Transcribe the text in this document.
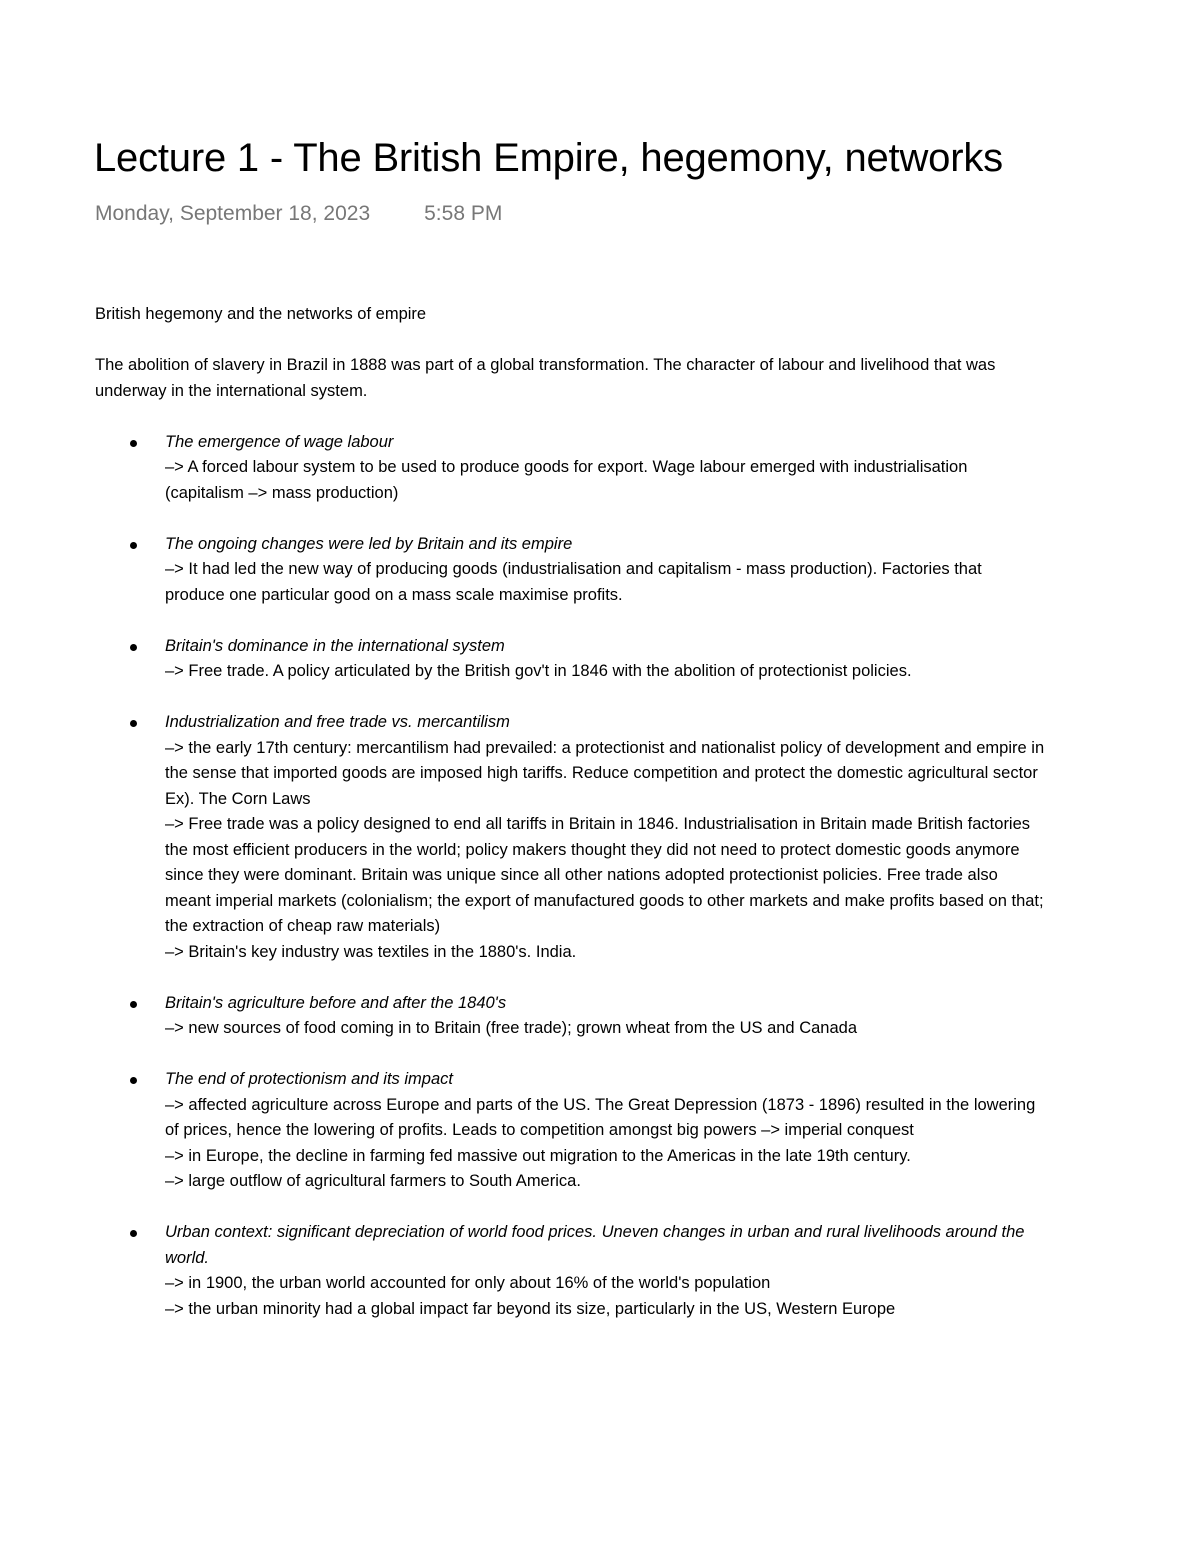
Lecture 1 - The British Empire, hegemony, networks
Monday, September 18, 2023	5:58 PM

British hegemony and the networks of empire

The abolition of slavery in Brazil in 1888 was part of a global transformation. The character of labour and livelihood that was underway in the international system.

The emergence of wage labour
–> A forced labour system to be used to produce goods for export. Wage labour emerged with industrialisation (capitalism –> mass production)
The ongoing changes were led by Britain and its empire
–> It had led the new way of producing goods (industrialisation and capitalism - mass production). Factories that produce one particular good on a mass scale maximise profits.
Britain's dominance in the international system
–> Free trade. A policy articulated by the British gov't in 1846 with the abolition of protectionist policies.
Industrialization and free trade vs. mercantilism
–> the early 17th century: mercantilism had prevailed: a protectionist and nationalist policy of development and empire in the sense that imported goods are imposed high tariffs. Reduce competition and protect the domestic agricultural sector
Ex). The Corn Laws
–> Free trade was a policy designed to end all tariffs in Britain in 1846. Industrialisation in Britain made British factories the most efficient producers in the world; policy makers thought they did not need to protect domestic goods anymore since they were dominant. Britain was unique since all other nations adopted protectionist policies. Free trade also meant imperial markets (colonialism; the export of manufactured goods to other markets and make profits based on that; the extraction of cheap raw materials)
–> Britain's key industry was textiles in the 1880's. India.
Britain's agriculture before and after the 1840's
–> new sources of food coming in to Britain (free trade); grown wheat from the US and Canada
The end of protectionism and its impact
–> affected agriculture across Europe and parts of the US. The Great Depression (1873 - 1896) resulted in the lowering of prices, hence the lowering of profits. Leads to competition amongst big powers –> imperial conquest
–> in Europe, the decline in farming fed massive out migration to the Americas in the late 19th century.
–> large outflow of agricultural farmers to South America.
Urban context: significant depreciation of world food prices. Uneven changes in urban and rural livelihoods around the world.
–> in 1900, the urban world accounted for only about 16% of the world's population
–> the urban minority had a global impact far beyond its size, particularly in the US, Western Europe
